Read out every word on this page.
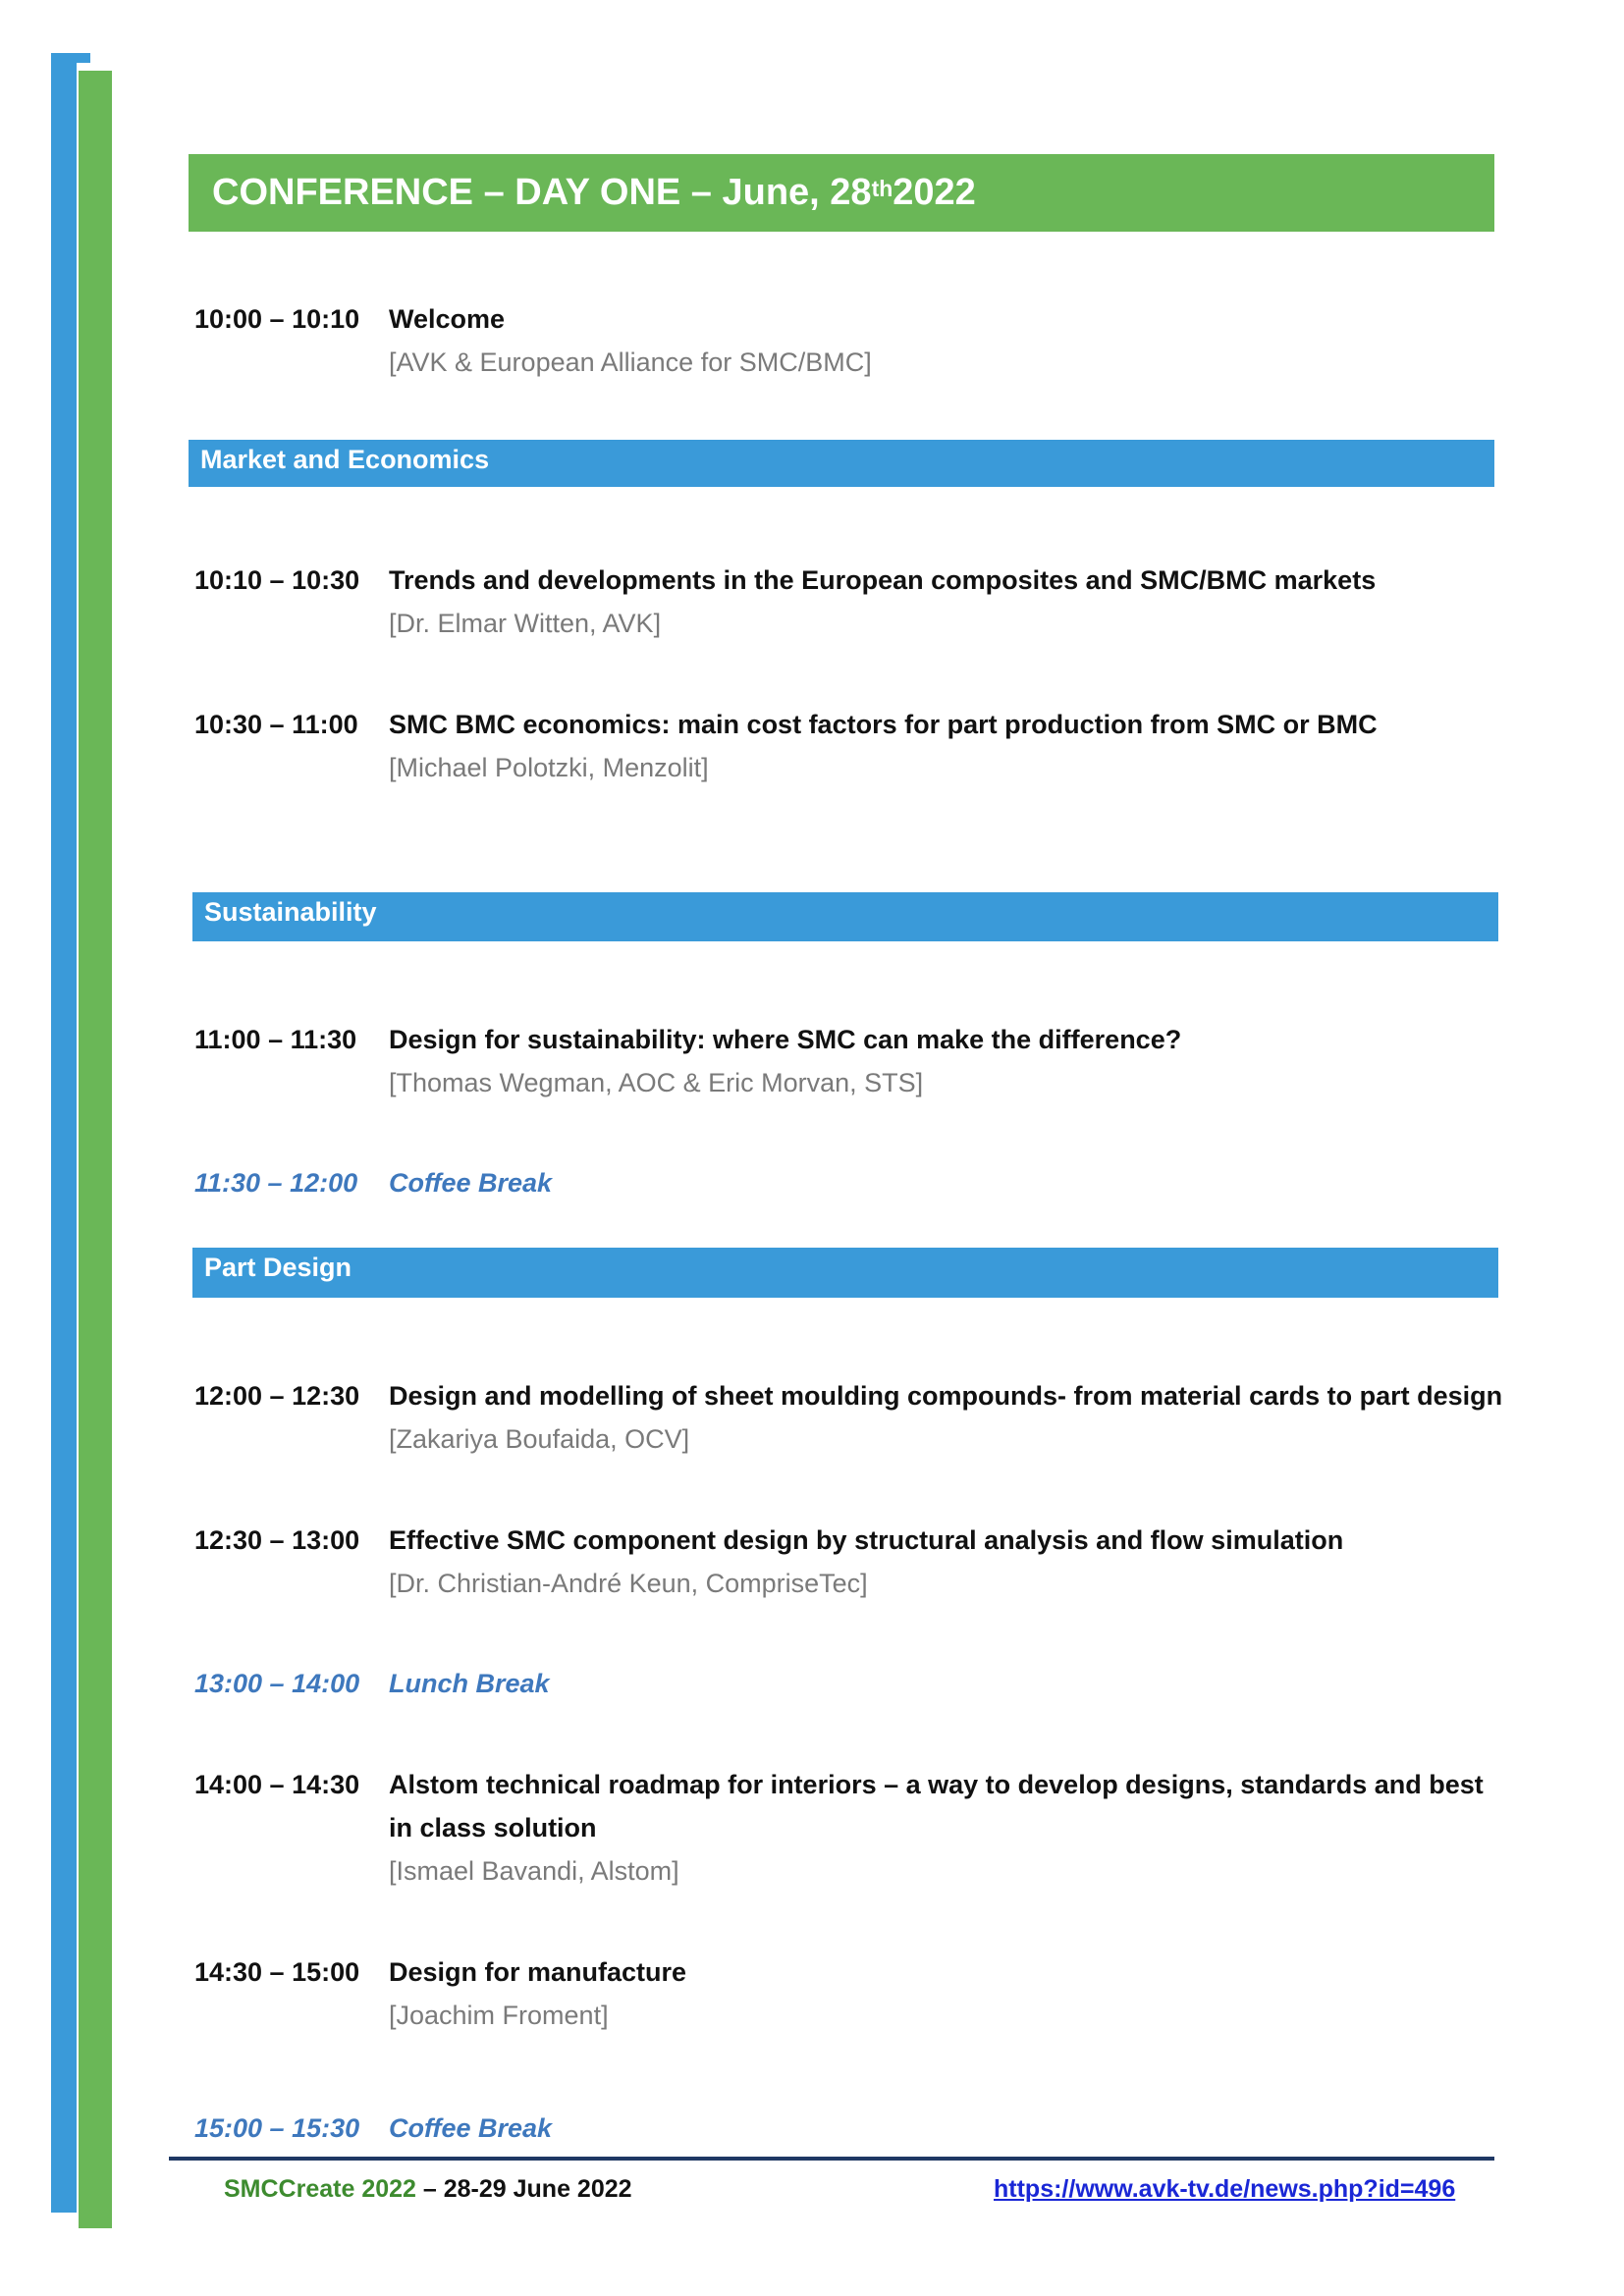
CONFERENCE – DAY ONE – June, 28th 2022
10:00 – 10:10	Welcome
[AVK & European Alliance for SMC/BMC]
Market and Economics
10:10 – 10:30	Trends and developments in the European composites and SMC/BMC markets
[Dr. Elmar Witten, AVK]
10:30 – 11:00	SMC BMC economics: main cost factors for part production from SMC or BMC
[Michael Polotzki, Menzolit]
Sustainability
11:00 – 11:30	Design for sustainability: where SMC can make the difference?
[Thomas Wegman, AOC & Eric Morvan, STS]
11:30 – 12:00	Coffee Break
Part Design
12:00 – 12:30	Design and modelling of sheet moulding compounds- from material cards to part design
[Zakariya Boufaida, OCV]
12:30 – 13:00	Effective SMC component design by structural analysis and flow simulation
[Dr. Christian-André Keun, CompriseTec]
13:00 – 14:00	Lunch Break
14:00 – 14:30	Alstom technical roadmap for interiors – a way to develop designs, standards and best in class solution
[Ismael Bavandi, Alstom]
14:30 – 15:00	Design for manufacture
[Joachim Froment]
15:00 – 15:30	Coffee Break
SMCCreate 2022 – 28-29 June 2022	https://www.avk-tv.de/news.php?id=496
